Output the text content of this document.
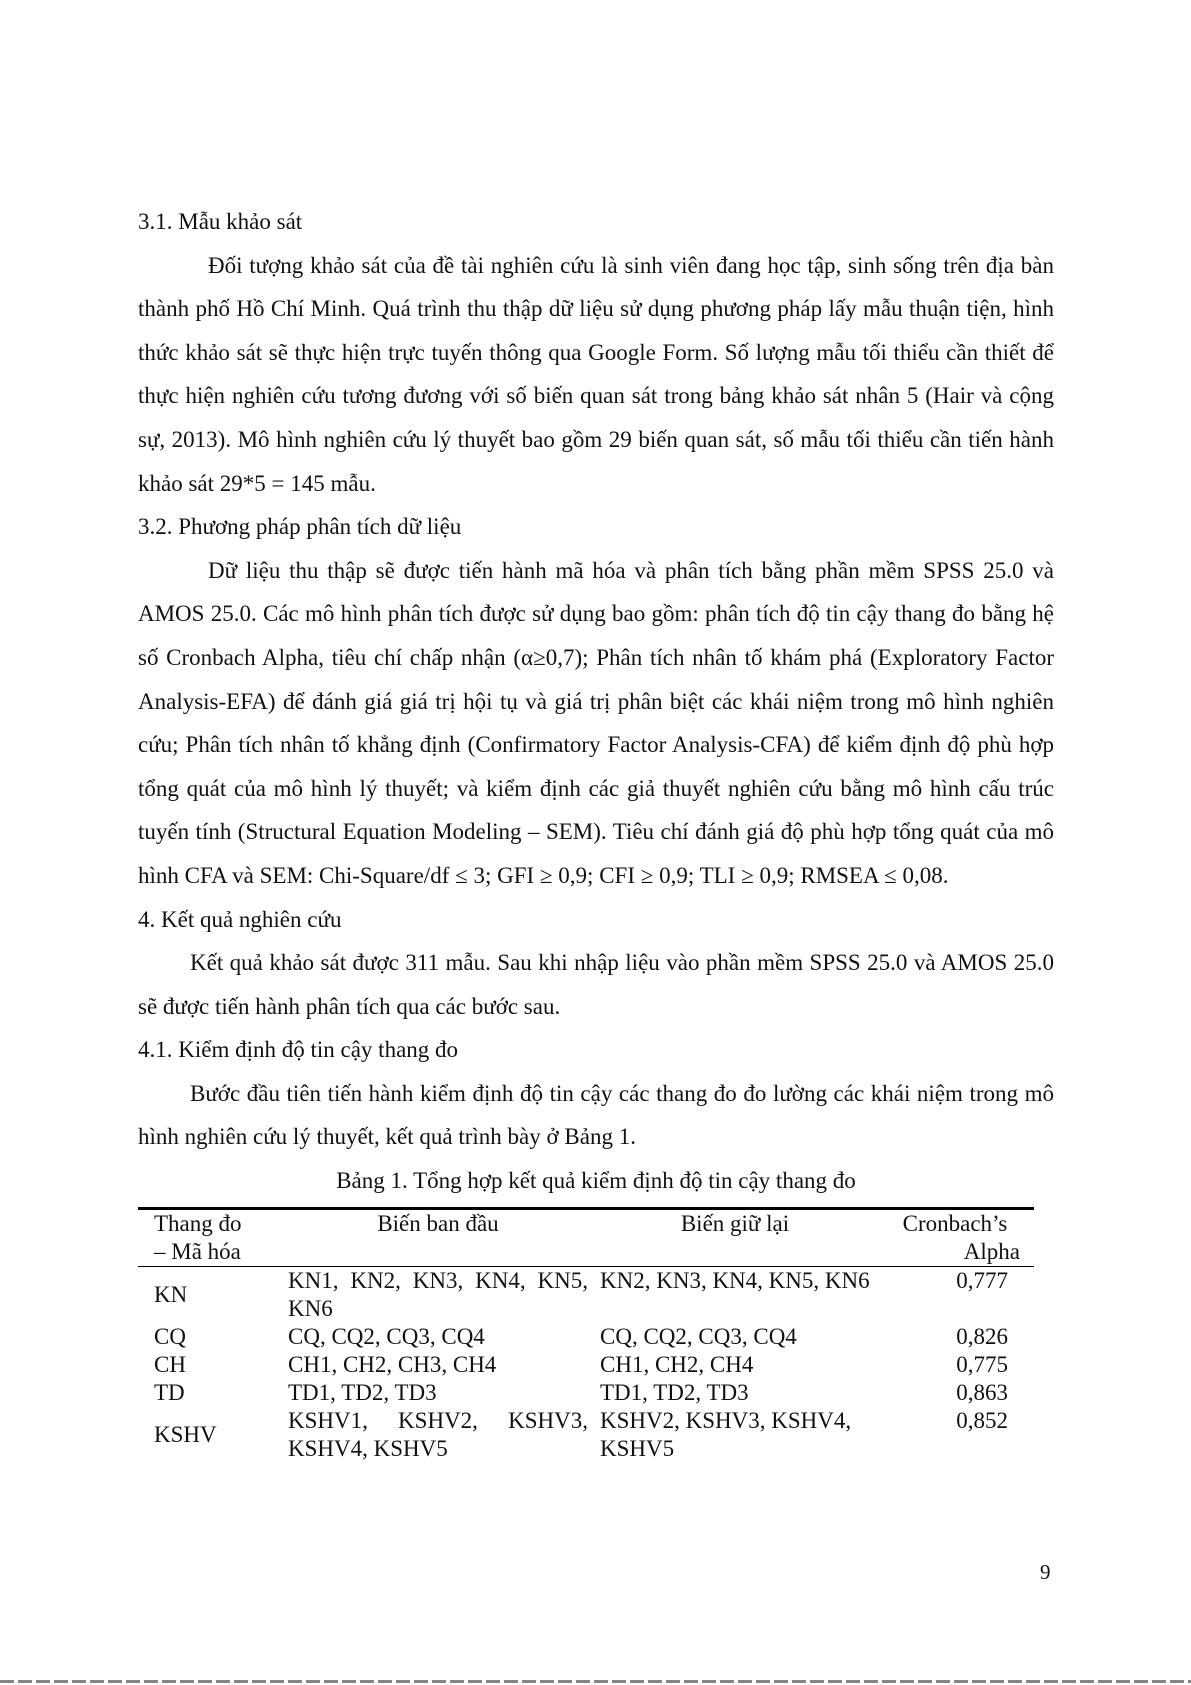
3.1. Mẫu khảo sát

Đối tượng khảo sát của đề tài nghiên cứu là sinh viên đang học tập, sinh sống trên địa bàn thành phố Hồ Chí Minh. Quá trình thu thập dữ liệu sử dụng phương pháp lấy mẫu thuận tiện, hình thức khảo sát sẽ thực hiện trực tuyến thông qua Google Form. Số lượng mẫu tối thiểu cần thiết để thực hiện nghiên cứu tương đương với số biến quan sát trong bảng khảo sát nhân 5 (Hair và cộng sự, 2013). Mô hình nghiên cứu lý thuyết bao gồm 29 biến quan sát, số mẫu tối thiểu cần tiến hành khảo sát 29*5 = 145 mẫu.

3.2. Phương pháp phân tích dữ liệu

Dữ liệu thu thập sẽ được tiến hành mã hóa và phân tích bằng phần mềm SPSS 25.0 và AMOS 25.0. Các mô hình phân tích được sử dụng bao gồm: phân tích độ tin cậy thang đo bằng hệ số Cronbach Alpha, tiêu chí chấp nhận (α≥0,7); Phân tích nhân tố khám phá (Exploratory Factor Analysis-EFA) để đánh giá giá trị hội tụ và giá trị phân biệt các khái niệm trong mô hình nghiên cứu; Phân tích nhân tố khẳng định (Confirmatory Factor Analysis-CFA) để kiểm định độ phù hợp tổng quát của mô hình lý thuyết; và kiểm định các giả thuyết nghiên cứu bằng mô hình cấu trúc tuyến tính (Structural Equation Modeling – SEM). Tiêu chí đánh giá độ phù hợp tổng quát của mô hình CFA và SEM: Chi-Square/df ≤ 3; GFI ≥ 0,9; CFI ≥ 0,9; TLI ≥ 0,9; RMSEA ≤ 0,08.

4. Kết quả nghiên cứu

Kết quả khảo sát được 311 mẫu. Sau khi nhập liệu vào phần mềm SPSS 25.0 và AMOS 25.0 sẽ được tiến hành phân tích qua các bước sau.

4.1. Kiểm định độ tin cậy thang đo

Bước đầu tiên tiến hành kiểm định độ tin cậy các thang đo đo lường các khái niệm trong mô hình nghiên cứu lý thuyết, kết quả trình bày ở Bảng 1.

Bảng 1. Tổng hợp kết quả kiểm định độ tin cậy thang đo

Thang đo
– Mã hóa	Biến ban đầu	Biến giữ lại	Cronbach’s
Alpha

KN	KN1, KN2, KN3, KN4, KN5, KN6	KN2, KN3, KN4, KN5, KN6	0,777
CQ	CQ, CQ2, CQ3, CQ4	CQ, CQ2, CQ3, CQ4	0,826
CH	CH1, CH2, CH3, CH4	CH1, CH2, CH4	0,775
TD	TD1, TD2, TD3	TD1, TD2, TD3	0,863
KSHV	KSHV1, KSHV2, KSHV3, KSHV4, KSHV5	KSHV2, KSHV3, KSHV4, KSHV5	0,852
9
